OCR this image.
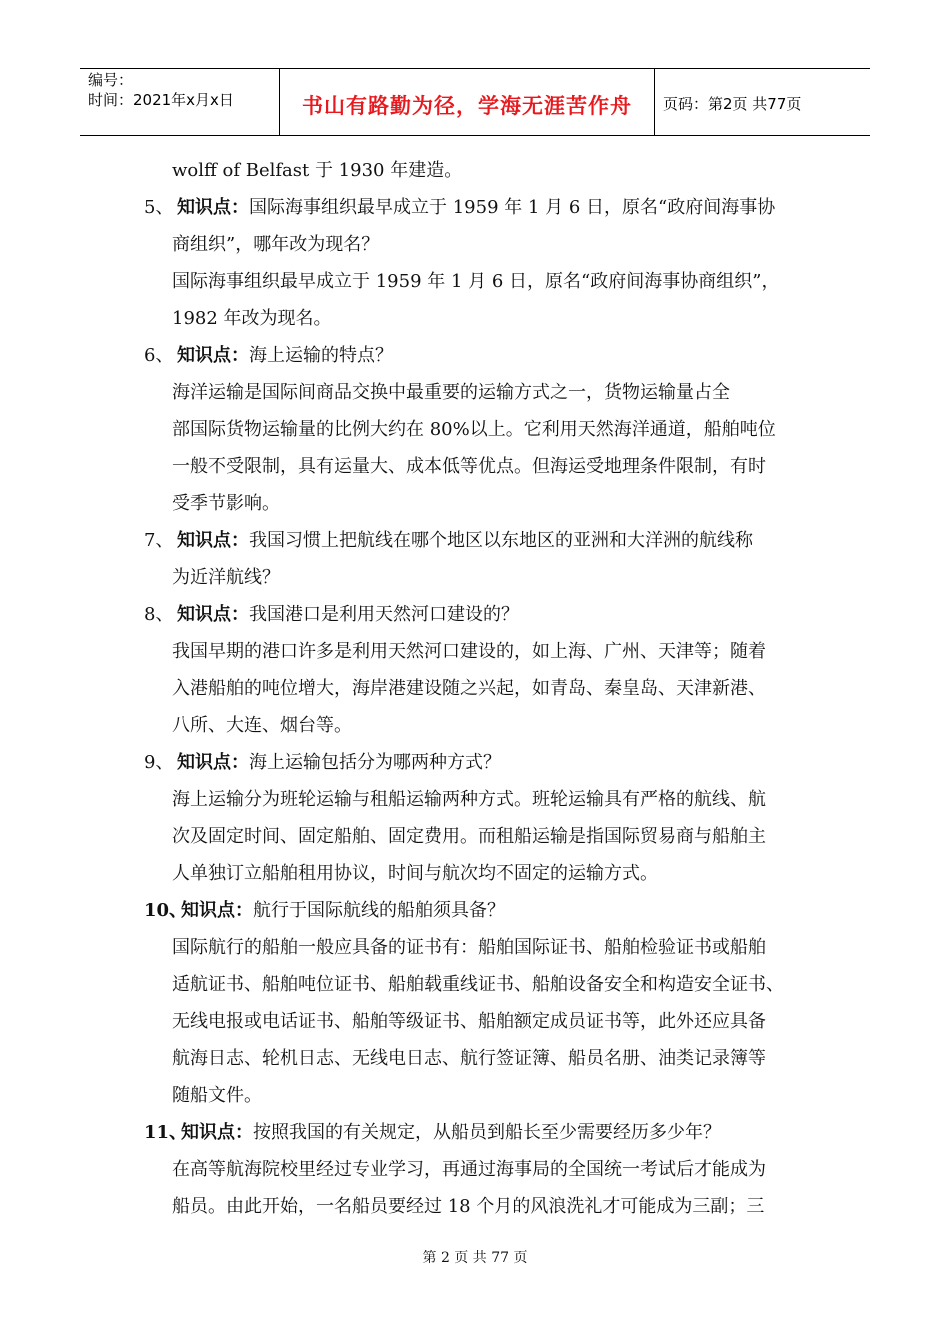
编号：
时间：2021年x月x日	书山有路勤为径，学海无涯苦作舟	页码：第2页 共77页
wolff of Belfast 于 1930 年建造。
5、 知识点：国际海事组织最早成立于 1959 年 1 月 6 日，原名“政府间海事协
商组织”，哪年改为现名？
国际海事组织最早成立于 1959 年 1 月 6 日，原名“政府间海事协商组织”，
1982 年改为现名。
6、 知识点：海上运输的特点？
海洋运输是国际间商品交换中最重要的运输方式之一，货物运输量占全
部国际货物运输量的比例大约在 80%以上。它利用天然海洋通道，船舶吨位
一般不受限制，具有运量大、成本低等优点。但海运受地理条件限制，有时
受季节影响。
7、 知识点：我国习惯上把航线在哪个地区以东地区的亚洲和大洋洲的航线称
为近洋航线？
8、 知识点：我国港口是利用天然河口建设的？
我国早期的港口许多是利用天然河口建设的，如上海、广州、天津等；随着
入港船舶的吨位增大，海岸港建设随之兴起，如青岛、秦皇岛、天津新港、
八所、大连、烟台等。
9、 知识点：海上运输包括分为哪两种方式？
海上运输分为班轮运输与租船运输两种方式。班轮运输具有严格的航线、航
次及固定时间、固定船舶、固定费用。而租船运输是指国际贸易商与船舶主
人单独订立船舶租用协议，时间与航次均不固定的运输方式。
10、
知识点：航行于国际航线的船舶须具备？
国际航行的船舶一般应具备的证书有：船舶国际证书、船舶检验证书或船舶
适航证书、船舶吨位证书、船舶载重线证书、船舶设备安全和构造安全证书、
无线电报或电话证书、船舶等级证书、船舶额定成员证书等，此外还应具备
航海日志、轮机日志、无线电日志、航行签证簿、船员名册、油类记录簿等
随船文件。
11、
知识点：按照我国的有关规定，从船员到船长至少需要经历多少年？
在高等航海院校里经过专业学习，再通过海事局的全国统一考试后才能成为
船员。由此开始，一名船员要经过 18 个月的风浪洗礼才可能成为三副；三
第 2 页 共 77 页
